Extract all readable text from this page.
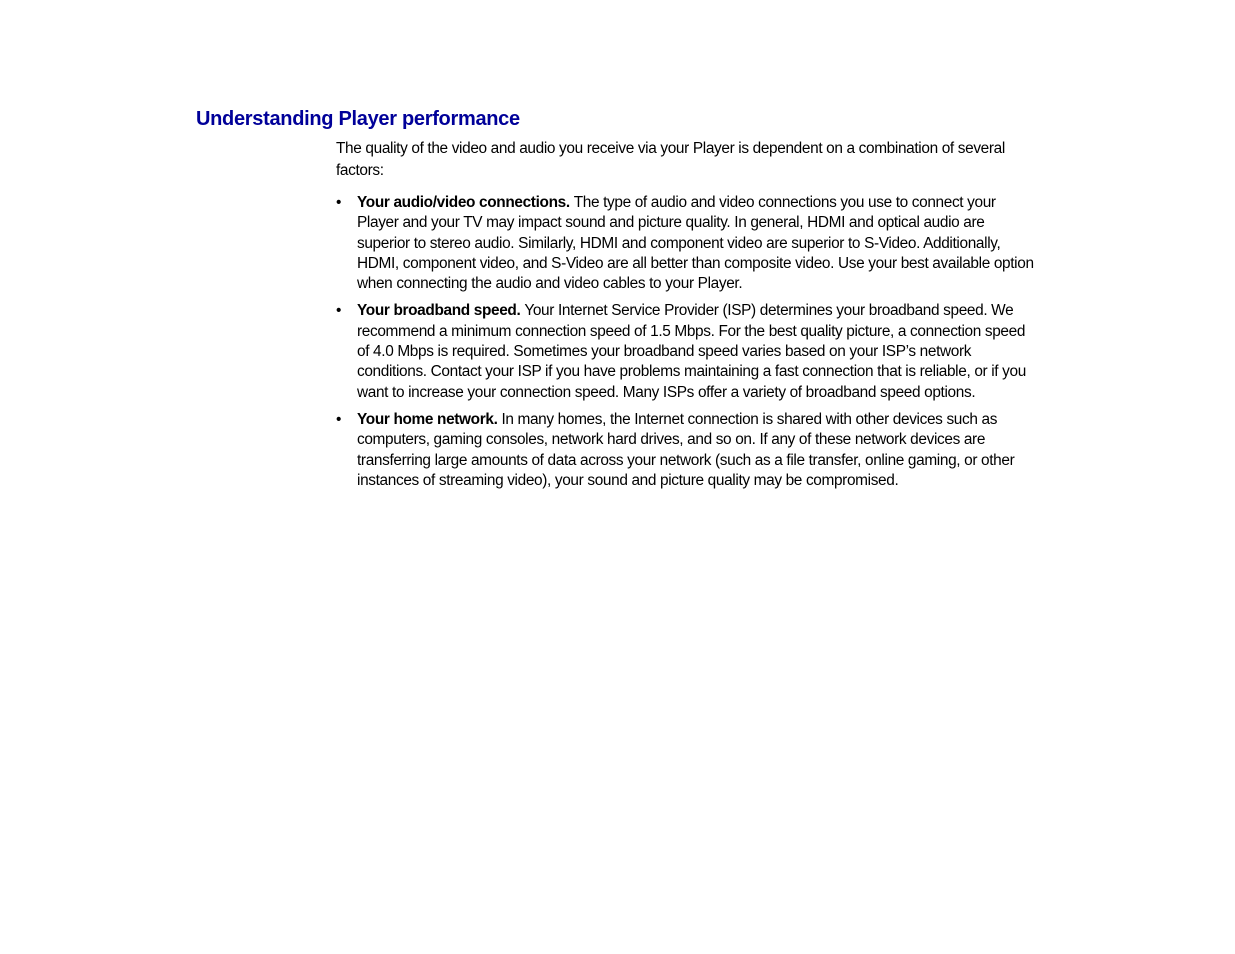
Understanding Player performance

The quality of the video and audio you receive via your Player is dependent on a combination of several factors:

•	Your audio/video connections. The type of audio and video connections you use to connect your Player and your TV may impact sound and picture quality. In general, HDMI and optical audio are superior to stereo audio. Similarly, HDMI and component video are superior to S-Video. Additionally, HDMI, component video, and S-Video are all better than composite video. Use your best available option when connecting the audio and video cables to your Player.
•	Your broadband speed. Your Internet Service Provider (ISP) determines your broadband speed. We recommend a minimum connection speed of 1.5 Mbps. For the best quality picture, a connection speed of 4.0 Mbps is required. Sometimes your broadband speed varies based on your ISP’s network conditions. Contact your ISP if you have problems maintaining a fast connection that is reliable, or if you want to increase your connection speed. Many ISPs offer a variety of broadband speed options.
•	Your home network. In many homes, the Internet connection is shared with other devices such as computers, gaming consoles, network hard drives, and so on. If any of these network devices are transferring large amounts of data across your network (such as a file transfer, online gaming, or other instances of streaming video), your sound and picture quality may be compromised.
